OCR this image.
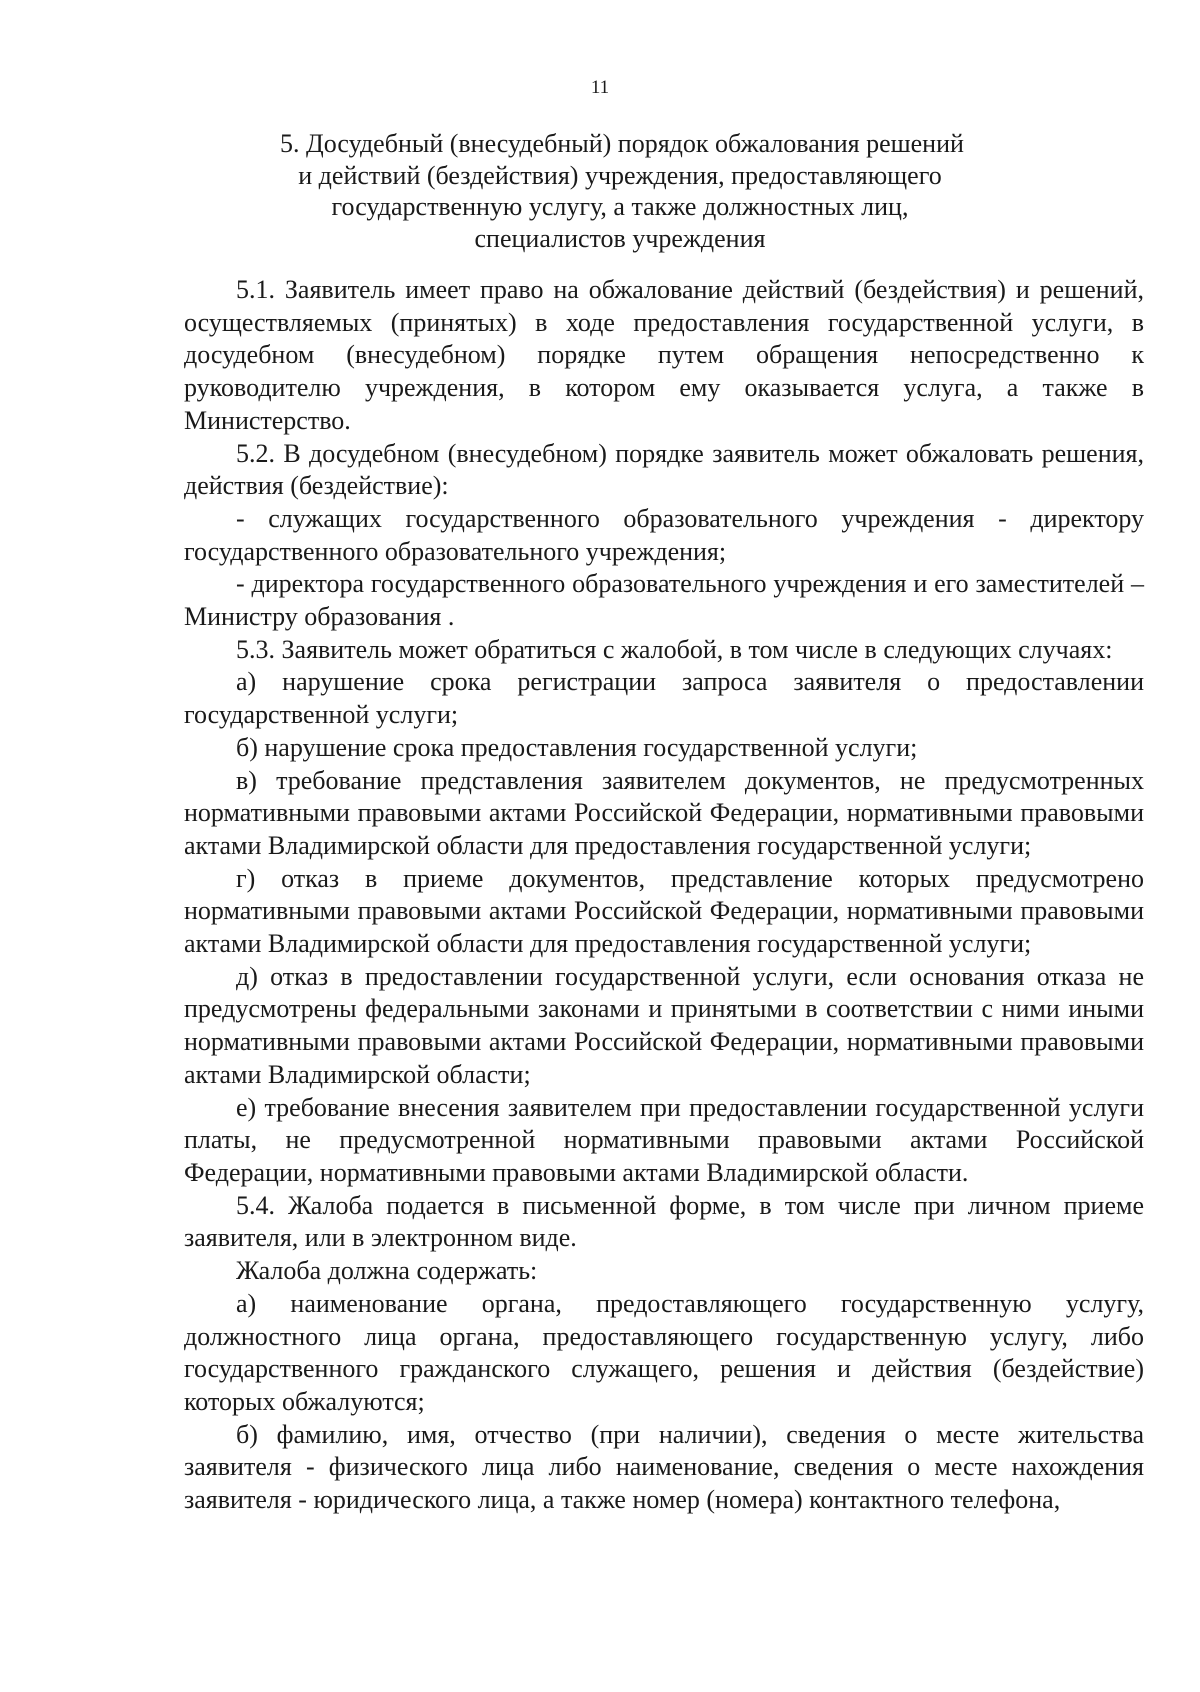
11
5. Досудебный (внесудебный) порядок обжалования решений
и действий (бездействия) учреждения, предоставляющего
государственную услугу, а также должностных лиц,
специалистов учреждения

5.1. Заявитель имеет право на обжалование действий (бездействия) и решений, осуществляемых (принятых) в ходе предоставления государственной услуги, в досудебном (внесудебном) порядке путем обращения непосредственно к руководителю учреждения, в котором ему оказывается услуга, а также в Министерство.

5.2. В досудебном (внесудебном) порядке заявитель может обжаловать решения, действия (бездействие):

- служащих государственного образовательного учреждения - директору государственного образовательного учреждения;

- директора государственного образовательного учреждения и его заместителей – Министру образования .

5.3. Заявитель может обратиться с жалобой, в том числе в следующих случаях:

а) нарушение срока регистрации запроса заявителя о предоставлении государственной услуги;

б) нарушение срока предоставления государственной услуги;

в) требование представления заявителем документов, не предусмотренных нормативными правовыми актами Российской Федерации, нормативными правовыми актами Владимирской области для предоставления государственной услуги;

г) отказ в приеме документов, представление которых предусмотрено нормативными правовыми актами Российской Федерации, нормативными правовыми актами Владимирской области для предоставления государственной услуги;

д) отказ в предоставлении государственной услуги, если основания отказа не предусмотрены федеральными законами и принятыми в соответствии с ними иными нормативными правовыми актами Российской Федерации, нормативными правовыми актами Владимирской области;

е) требование внесения заявителем при предоставлении государственной услуги платы, не предусмотренной нормативными правовыми актами Российской Федерации, нормативными правовыми актами Владимирской области.

5.4. Жалоба подается в письменной форме, в том числе при личном приеме заявителя, или в электронном виде.

Жалоба должна содержать:

а) наименование органа, предоставляющего государственную услугу, должностного лица органа, предоставляющего государственную услугу, либо государственного гражданского служащего, решения и действия (бездействие) которых обжалуются;

б) фамилию, имя, отчество (при наличии), сведения о месте жительства заявителя - физического лица либо наименование, сведения о месте нахождения заявителя - юридического лица, а также номер (номера) контактного телефона,
